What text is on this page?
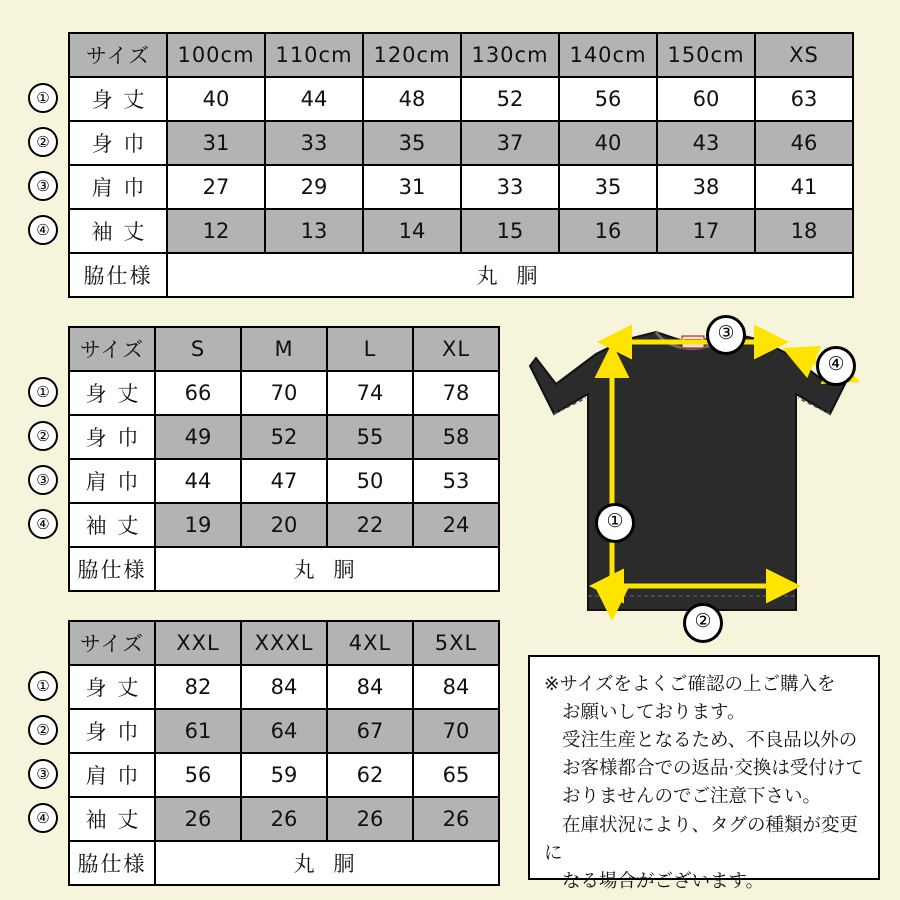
①
②
③
④
サイズ	100cm	110cm	120cm	130cm	140cm	150cm	XS
身 丈	40	44	48	52	56	60	63
身 巾	31	33	35	37	40	43	46
肩 巾	27	29	31	33	35	38	41
袖 丈	12	13	14	15	16	17	18
脇仕様	丸 胴						
①
②
③
④
サイズ	S	M	L	XL
身 丈	66	70	74	78
身 巾	49	52	55	58
肩 巾	44	47	50	53
袖 丈	19	20	22	24
脇仕様	丸 胴			
①
②
③
④
サイズ	XXL	XXXL	4XL	5XL
身 丈	82	84	84	84
身 巾	61	64	67	70
肩 巾	56	59	62	65
袖 丈	26	26	26	26
脇仕様	丸 胴			
③
④
①
②

※サイズをよくご確認の上ご購入を

お願いしております。

受注生産となるため、不良品以外の

お客様都合での返品·交換は受付けて

おりませんのでご注意下さい。

在庫状況により、タグの種類が変更に

なる場合がございます。
